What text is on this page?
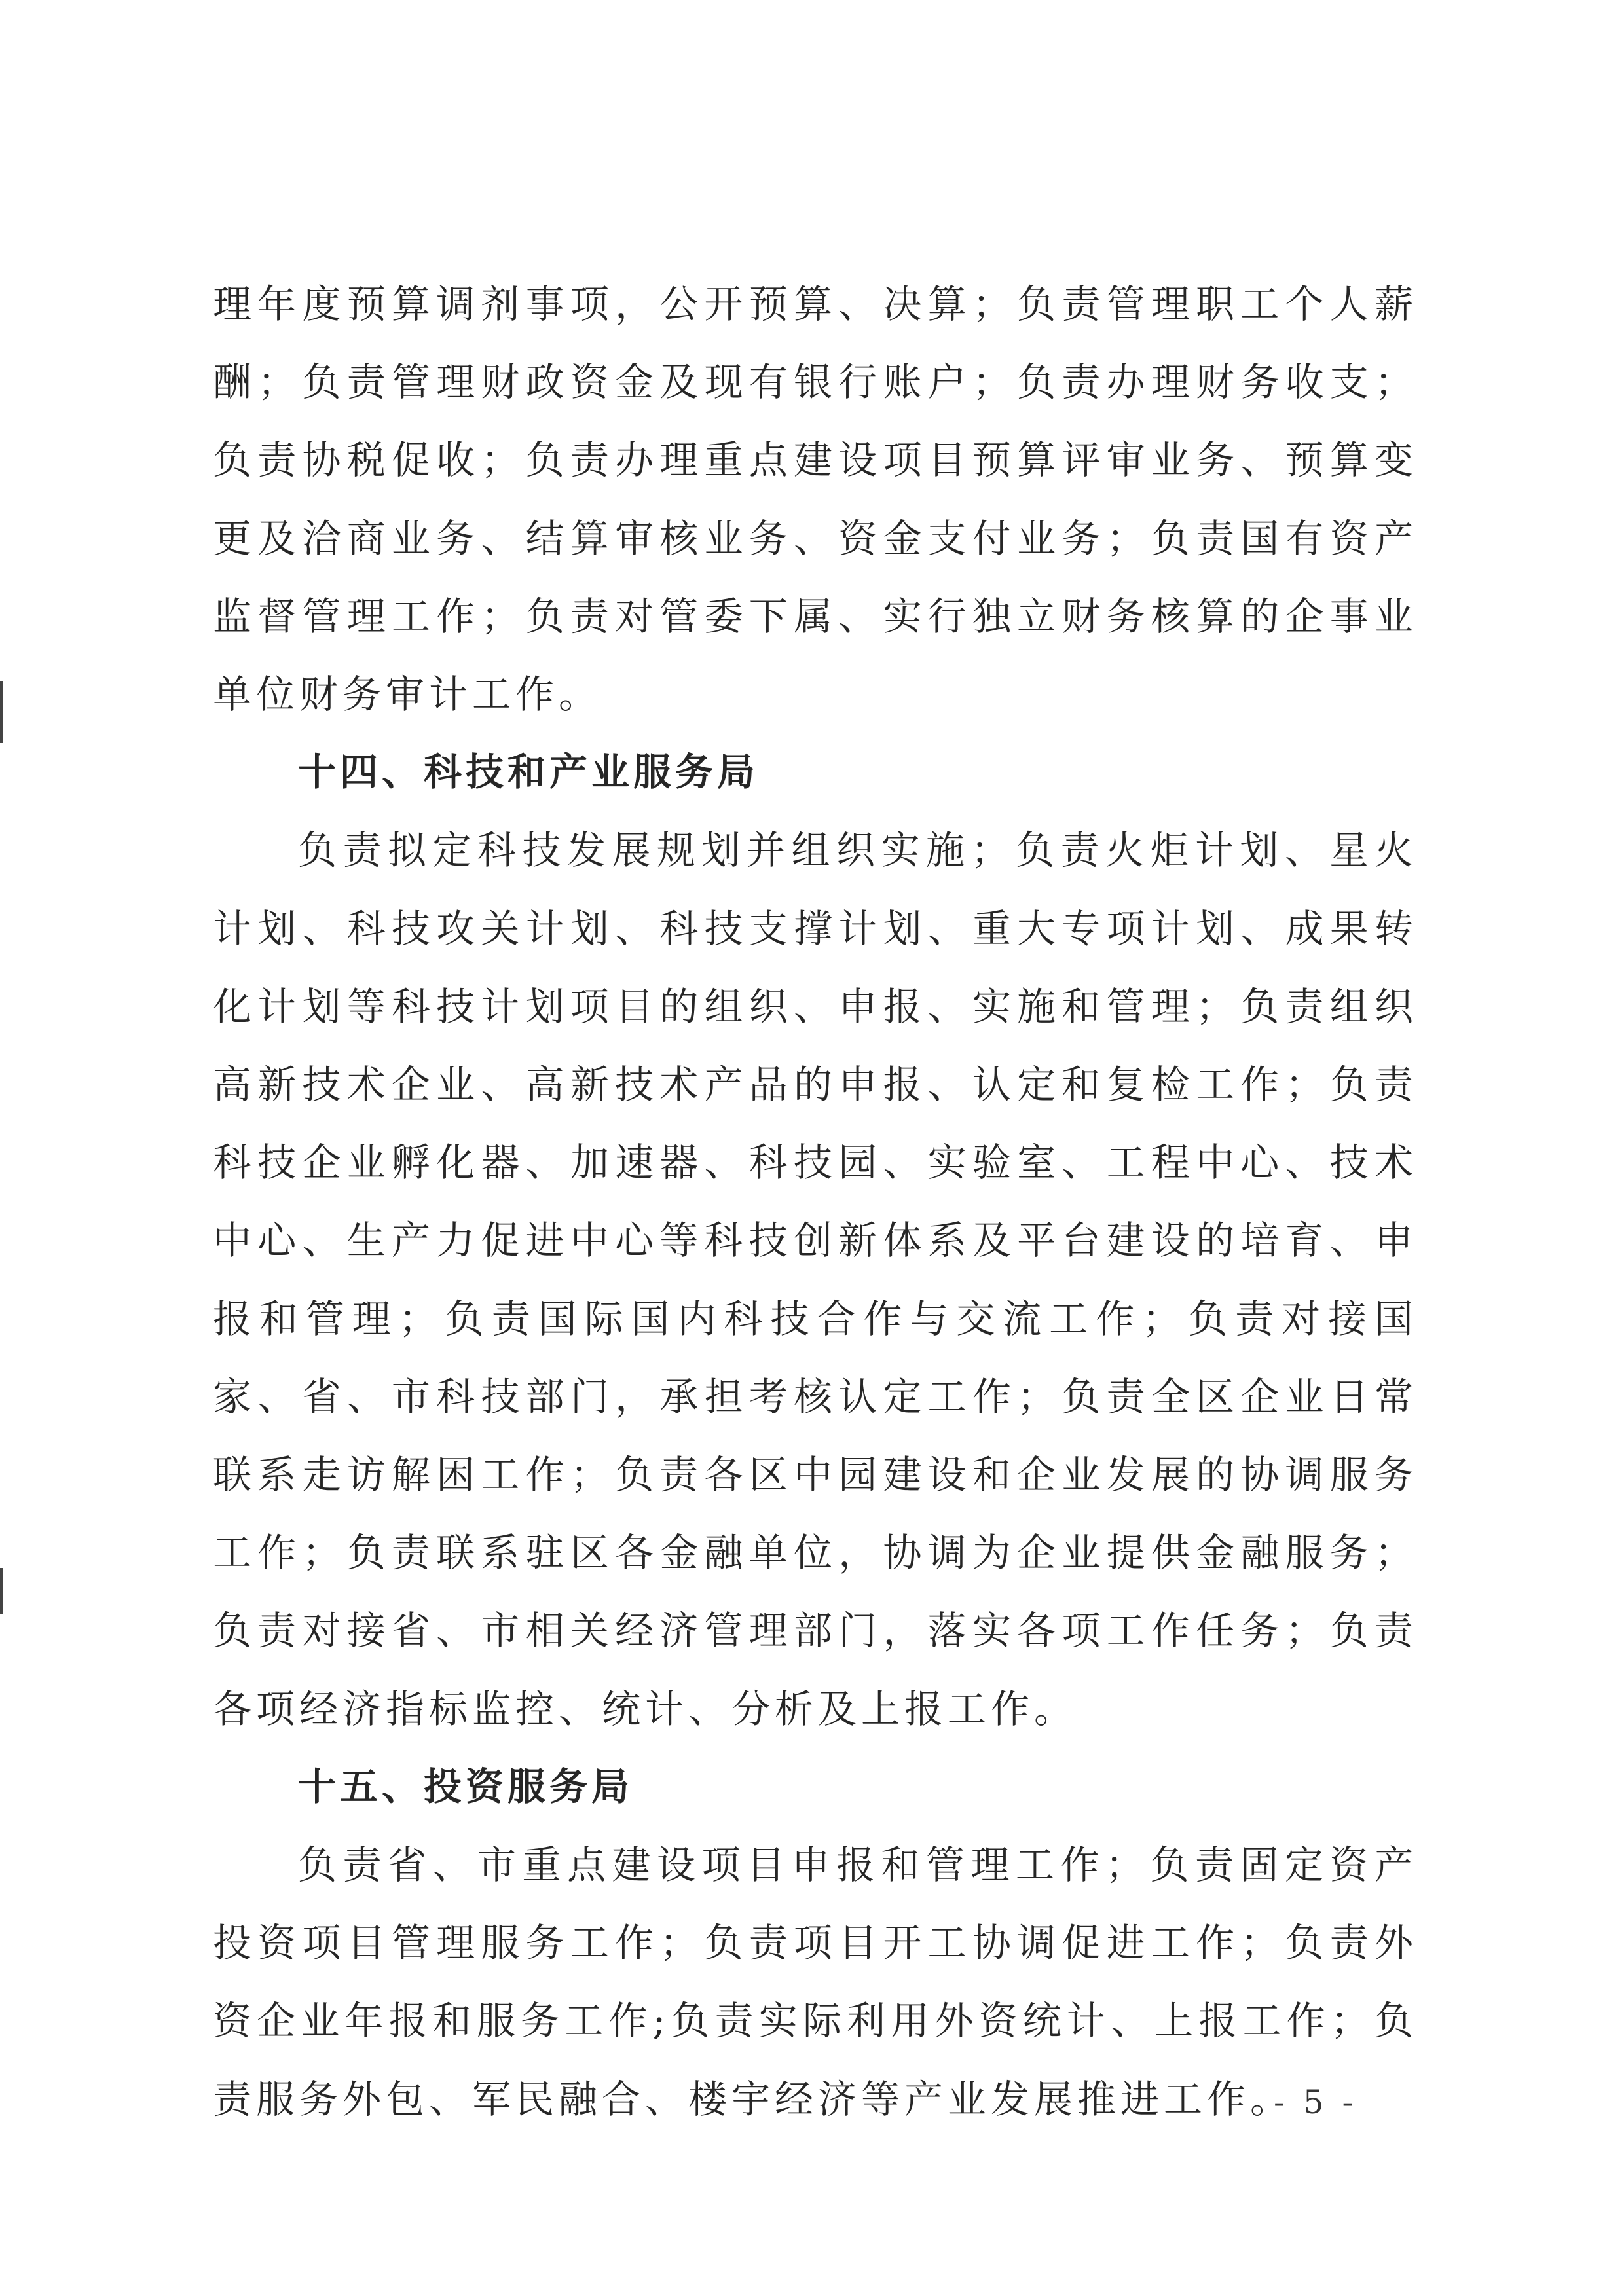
理年度预算调剂事项，公开预算、决算；负责管理职工个人薪酬；负责管理财政资金及现有银行账户；负责办理财务收支；负责协税促收；负责办理重点建设项目预算评审业务、预算变更及洽商业务、结算审核业务、资金支付业务；负责国有资产监督管理工作；负责对管委下属、实行独立财务核算的企事业单位财务审计工作。

十四、科技和产业服务局

负责拟定科技发展规划并组织实施；负责火炬计划、星火计划、科技攻关计划、科技支撑计划、重大专项计划、成果转化计划等科技计划项目的组织、申报、实施和管理；负责组织高新技术企业、高新技术产品的申报、认定和复检工作；负责科技企业孵化器、加速器、科技园、实验室、工程中心、技术中心、生产力促进中心等科技创新体系及平台建设的培育、申报和管理；负责国际国内科技合作与交流工作；负责对接国家、省、市科技部门，承担考核认定工作；负责全区企业日常联系走访解困工作；负责各区中园建设和企业发展的协调服务工作；负责联系驻区各金融单位，协调为企业提供金融服务；负责对接省、市相关经济管理部门，落实各项工作任务；负责各项经济指标监控、统计、分析及上报工作。

十五、投资服务局

负责省、市重点建设项目申报和管理工作；负责固定资产投资项目管理服务工作；负责项目开工协调促进工作；负责外资企业年报和服务工作;负责实际利用外资统计、上报工作；负责服务外包、军民融合、楼宇经济等产业发展推进工作。

- 5 -
